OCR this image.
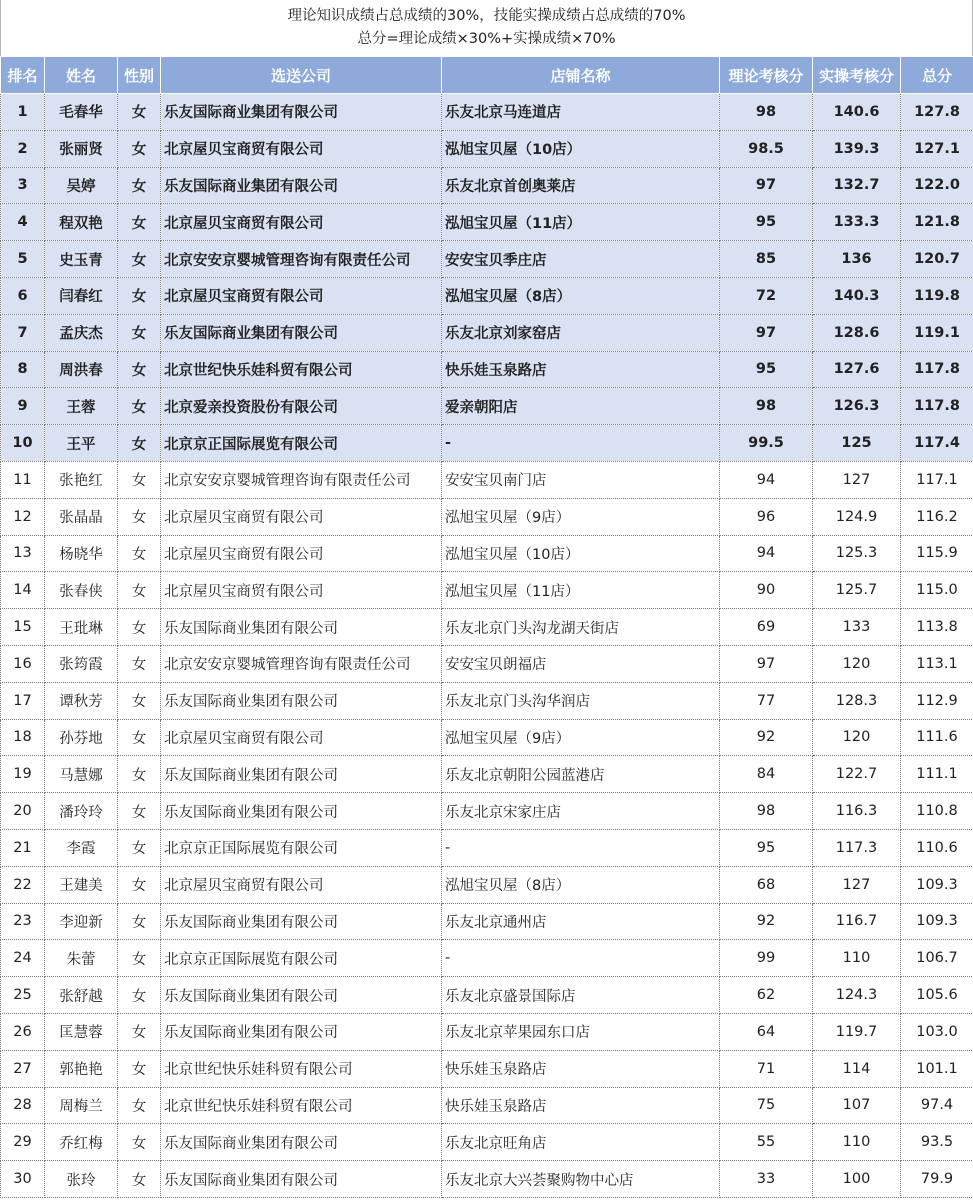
理论知识成绩占总成绩的30%，技能实操成绩占总成绩的70%
总分=理论成绩×30%+实操成绩×70%
排名	姓名	性别	选送公司	店铺名称	理论考核分	实操考核分	总分
1	毛春华	女	乐友国际商业集团有限公司	乐友北京马连道店	98	140.6	127.8
2	张丽贤	女	北京屋贝宝商贸有限公司	泓旭宝贝屋（10店）	98.5	139.3	127.1
3	吴婷	女	乐友国际商业集团有限公司	乐友北京首创奥莱店	97	132.7	122.0
4	程双艳	女	北京屋贝宝商贸有限公司	泓旭宝贝屋（11店）	95	133.3	121.8
5	史玉青	女	北京安安京婴城管理咨询有限责任公司	安安宝贝季庄店	85	136	120.7
6	闫春红	女	北京屋贝宝商贸有限公司	泓旭宝贝屋（8店）	72	140.3	119.8
7	孟庆杰	女	乐友国际商业集团有限公司	乐友北京刘家窑店	97	128.6	119.1
8	周洪春	女	北京世纪快乐娃科贸有限公司	快乐娃玉泉路店	95	127.6	117.8
9	王蓉	女	北京爱亲投资股份有限公司	爱亲朝阳店	98	126.3	117.8
10	王平	女	北京京正国际展览有限公司	-	99.5	125	117.4
11	张艳红	女	北京安安京婴城管理咨询有限责任公司	安安宝贝南门店	94	127	117.1
12	张晶晶	女	北京屋贝宝商贸有限公司	泓旭宝贝屋（9店）	96	124.9	116.2
13	杨晓华	女	北京屋贝宝商贸有限公司	泓旭宝贝屋（10店）	94	125.3	115.9
14	张春侠	女	北京屋贝宝商贸有限公司	泓旭宝贝屋（11店）	90	125.7	115.0
15	王玭琳	女	乐友国际商业集团有限公司	乐友北京门头沟龙湖天街店	69	133	113.8
16	张筠霞	女	北京安安京婴城管理咨询有限责任公司	安安宝贝朗福店	97	120	113.1
17	谭秋芳	女	乐友国际商业集团有限公司	乐友北京门头沟华润店	77	128.3	112.9
18	孙芬地	女	北京屋贝宝商贸有限公司	泓旭宝贝屋（9店）	92	120	111.6
19	马慧娜	女	乐友国际商业集团有限公司	乐友北京朝阳公园蓝港店	84	122.7	111.1
20	潘玲玲	女	乐友国际商业集团有限公司	乐友北京宋家庄店	98	116.3	110.8
21	李霞	女	北京京正国际展览有限公司	-	95	117.3	110.6
22	王建美	女	北京屋贝宝商贸有限公司	泓旭宝贝屋（8店）	68	127	109.3
23	李迎新	女	乐友国际商业集团有限公司	乐友北京通州店	92	116.7	109.3
24	朱蕾	女	北京京正国际展览有限公司	-	99	110	106.7
25	张舒越	女	乐友国际商业集团有限公司	乐友北京盛景国际店	62	124.3	105.6
26	匡慧蓉	女	乐友国际商业集团有限公司	乐友北京苹果园东口店	64	119.7	103.0
27	郭艳艳	女	北京世纪快乐娃科贸有限公司	快乐娃玉泉路店	71	114	101.1
28	周梅兰	女	北京世纪快乐娃科贸有限公司	快乐娃玉泉路店	75	107	97.4
29	乔红梅	女	乐友国际商业集团有限公司	乐友北京旺角店	55	110	93.5
30	张玲	女	乐友国际商业集团有限公司	乐友北京大兴荟聚购物中心店	33	100	79.9
